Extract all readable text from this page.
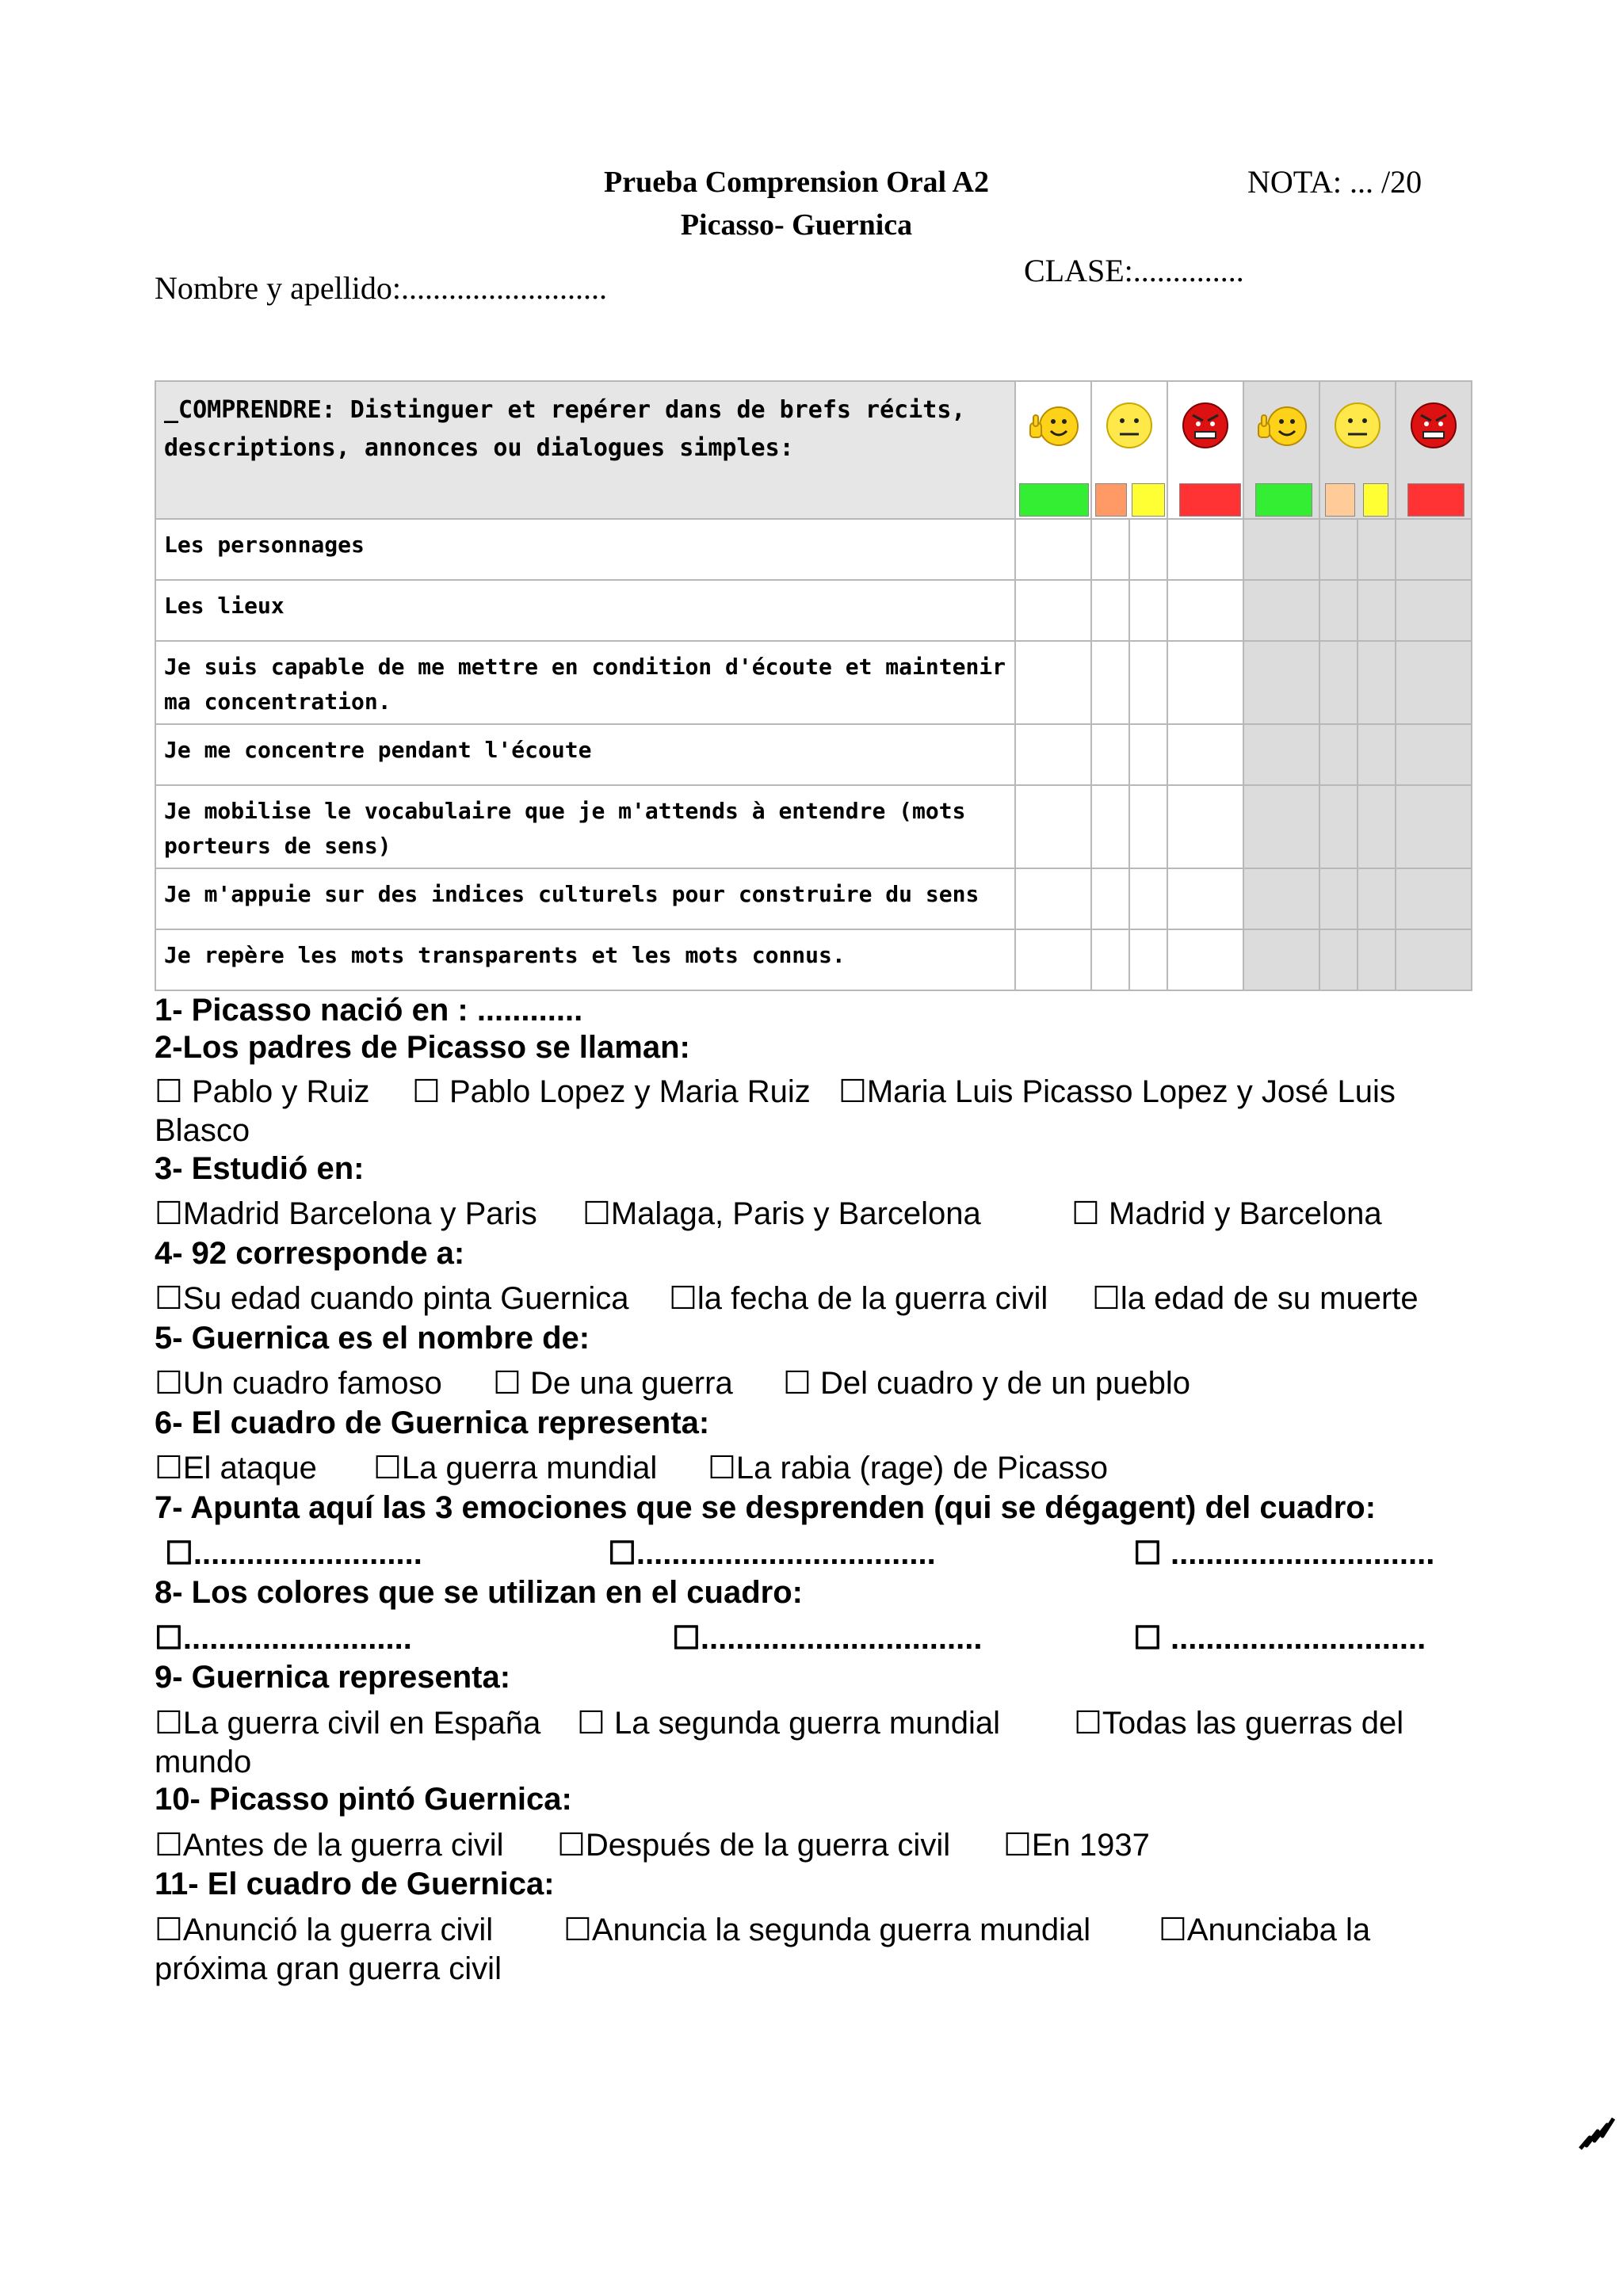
Prueba Comprension Oral A2
Picasso- Guernica
NOTA: ... /20
CLASE:..............
Nombre y apellido:..........................
_COMPRENDRE: Distinguer et repérer dans de brefs récits, descriptions, annonces ou dialogues simples:	

Les personnages								
Les lieux								
Je suis capable de me mettre en condition d'écoute et maintenir ma concentration.								
Je me concentre pendant l'écoute								
Je mobilise le vocabulaire que je m'attends à entendre (mots porteurs de sens)								
Je m'appuie sur des indices culturels pour construire du sens								
Je repère les mots transparents et les mots connus.								
1- Picasso nació en : ............
2-Los padres de Picasso se llaman:
☐ Pablo y Ruiz ☐ Pablo Lopez y Maria Ruiz ☐Maria Luis Picasso Lopez y José Luis
Blasco
3- Estudió en:
☐Madrid Barcelona y Paris ☐Malaga, Paris y Barcelona	☐ Madrid y Barcelona
4- 92 corresponde a:
☐Su edad cuando pinta Guernica ☐la fecha de la guerra civil ☐la edad de su muerte
5- Guernica es el nombre de:
☐Un cuadro famoso ☐ De una guerra ☐ Del cuadro y de un pueblo
6- El cuadro de Guernica representa:
☐El ataque ☐La guerra mundial ☐La rabia (rage) de Picasso
7- Apunta aquí las 3 emociones que se desprenden (qui se dégagent) del cuadro:
☐..........................	☐..................................	☐ ..............................
8- Los colores que se utilizan en el cuadro:
☐..........................	☐................................	☐ .............................
9- Guernica representa:
☐La guerra civil en España ☐ La segunda guerra mundial ☐Todas las guerras del
mundo
10- Picasso pintó Guernica:
☐Antes de la guerra civil ☐Después de la guerra civil ☐En 1937
11- El cuadro de Guernica:
☐Anunció la guerra civil ☐Anuncia la segunda guerra mundial ☐Anunciaba la
próxima gran guerra civil
